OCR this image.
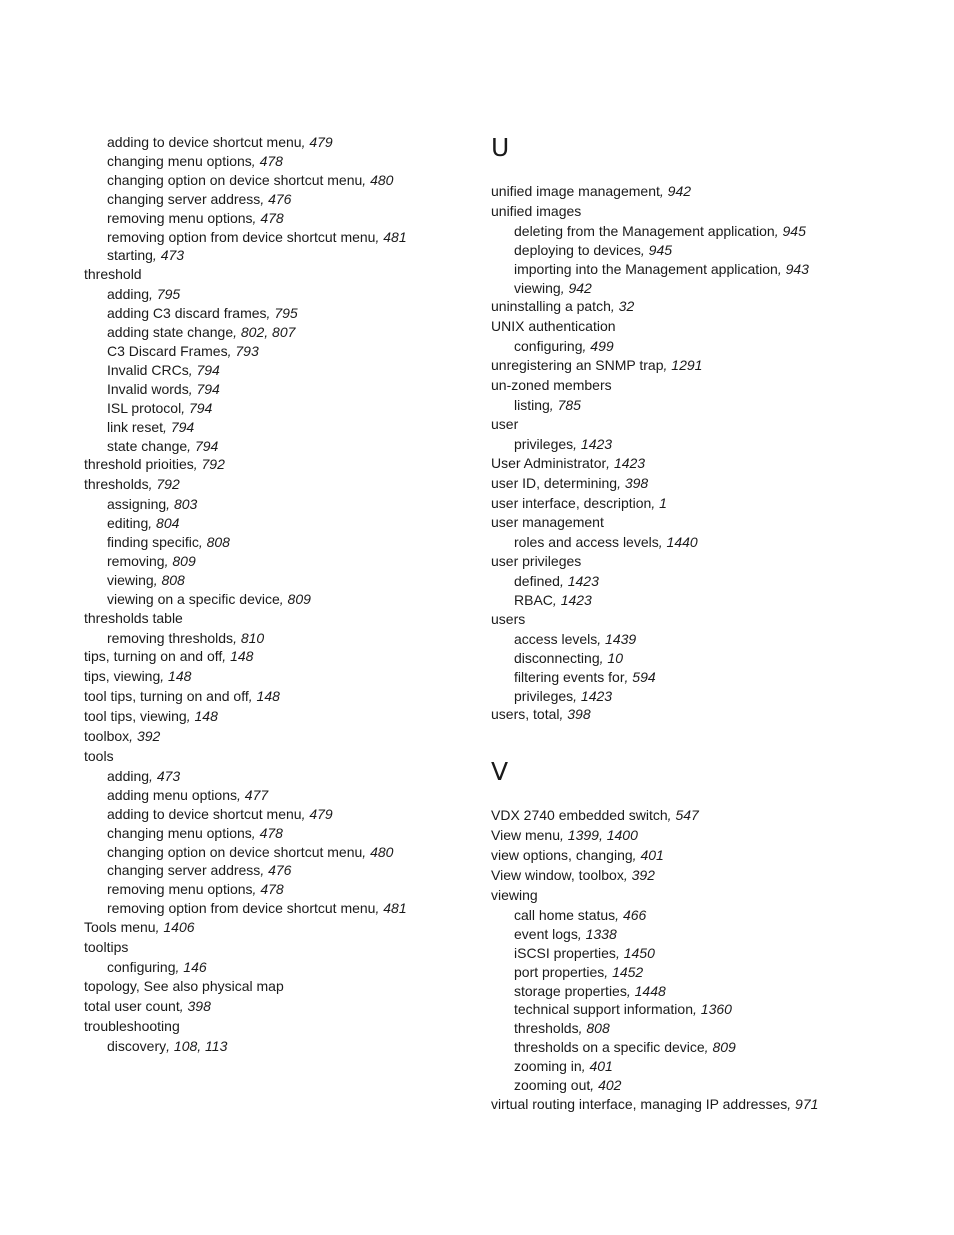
adding to device shortcut menu, 479
changing menu options, 478
changing option on device shortcut menu, 480
changing server address, 476
removing menu options, 478
removing option from device shortcut menu, 481
starting, 473
threshold
adding, 795
adding C3 discard frames, 795
adding state change, 802, 807
C3 Discard Frames, 793
Invalid CRCs, 794
Invalid words, 794
ISL protocol, 794
link reset, 794
state change, 794
threshold prioities, 792
thresholds, 792
assigning, 803
editing, 804
finding specific, 808
removing, 809
viewing, 808
viewing on a specific device, 809
thresholds table
removing thresholds, 810
tips, turning on and off, 148
tips, viewing, 148
tool tips, turning on and off, 148
tool tips, viewing, 148
toolbox, 392
tools
adding, 473
adding menu options, 477
adding to device shortcut menu, 479
changing menu options, 478
changing option on device shortcut menu, 480
changing server address, 476
removing menu options, 478
removing option from device shortcut menu, 481
Tools menu, 1406
tooltips
configuring, 146
topology, See also physical map
total user count, 398
troubleshooting
discovery, 108, 113
U
unified image management, 942
unified images
deleting from the Management application, 945
deploying to devices, 945
importing into the Management application, 943
viewing, 942
uninstalling a patch, 32
UNIX authentication
configuring, 499
unregistering an SNMP trap, 1291
un-zoned members
listing, 785
user
privileges, 1423
User Administrator, 1423
user ID, determining, 398
user interface, description, 1
user management
roles and access levels, 1440
user privileges
defined, 1423
RBAC, 1423
users
access levels, 1439
disconnecting, 10
filtering events for, 594
privileges, 1423
users, total, 398
V
VDX 2740 embedded switch, 547
View menu, 1399, 1400
view options, changing, 401
View window, toolbox, 392
viewing
call home status, 466
event logs, 1338
iSCSI properties, 1450
port properties, 1452
storage properties, 1448
technical support information, 1360
thresholds, 808
thresholds on a specific device, 809
zooming in, 401
zooming out, 402
virtual routing interface, managing IP addresses, 971
